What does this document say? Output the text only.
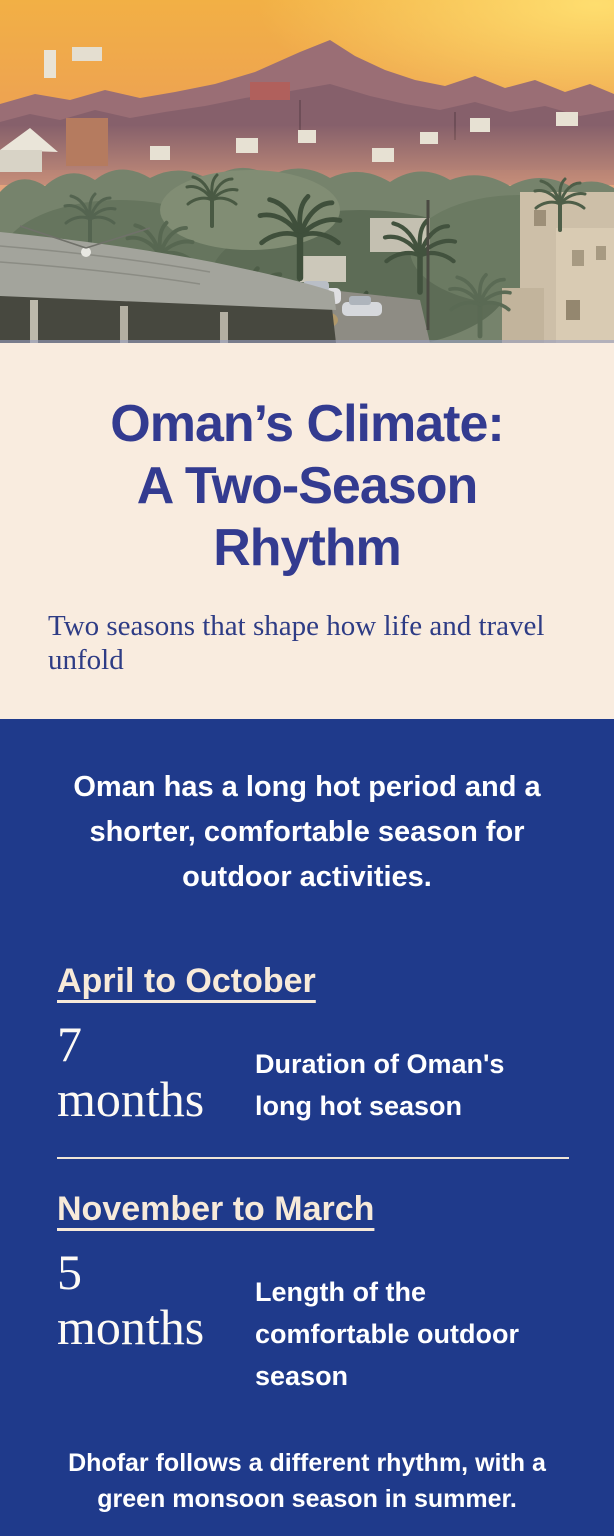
Oman’s Climate:
A Two-Season
Rhythm

Two seasons that shape how life and travel unfold

Oman has a long hot period and a shorter, comfortable season for outdoor activities.

April to October
7
months
Duration of Oman's long hot season
November to March
5
months
Length of the comfortable outdoor season

Dhofar follows a different rhythm, with a green monsoon season in summer.
